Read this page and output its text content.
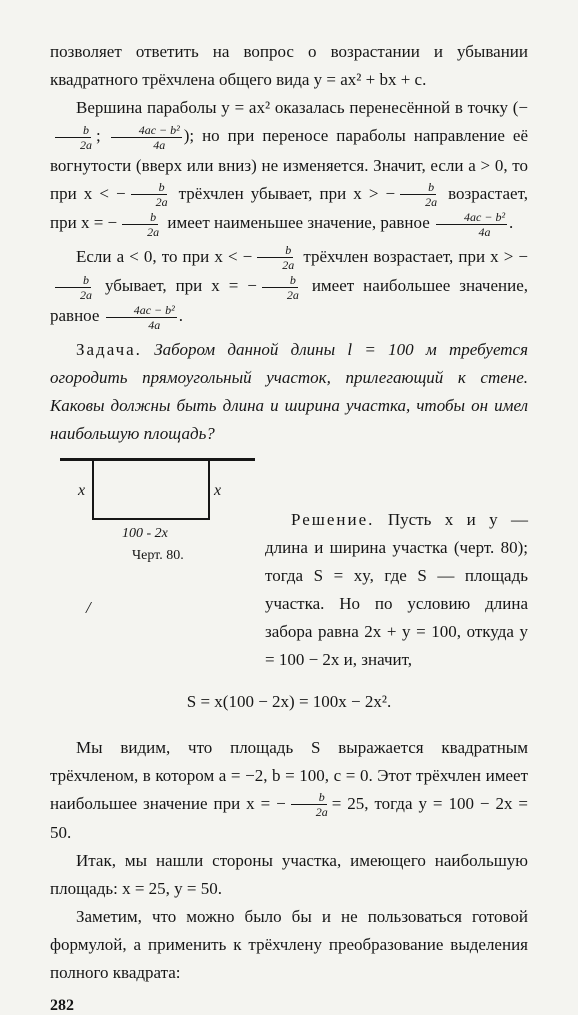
позволяет ответить на вопрос о возрастании и убывании квадратного трёхчлена общего вида y = ax² + bx + c.

Вершина параболы y = ax² оказалась перенесённой в точку (−
$\frac{b}{2a}$ ; $\frac{\text{4ac − b²}}{4a}$ ); но при переносе параболы направление её вогнутости (вверх или вниз) не изменяется. Значит, если a > 0, то при x < − $\frac{b}{2a}$ трёхчлен убывает, при x > − $\frac{b}{2a}$ возрастает, при x = − $\frac{b}{2a}$ имеет наименьшее значение, равное $\frac{\text{4ac − b²}}{4a}$ .

Если a < 0, то при x < − $\frac{b}{2a}$ трёхчлен возрастает, при x > −
$\frac{b}{2a}$ убывает, при x = − $\frac{b}{2a}$ имеет наибольшее значение, равное $\frac{\text{4ac − b²}}{4a}$ .

Задача. Забором данной длины l = 100 м требуется огородить прямоугольный участок, прилегающий к стене. Каковы должны быть длина и ширина участка, чтобы он имел наибольшую площадь?

x	x
100 - 2x
Черт. 80.
/

Решение. Пусть x и y — длина и ширина участка (черт. 80); тогда S = xy, где S — площадь участка. Но по условию длина забора равна 2x + y = 100, откуда y = 100 − 2x и, значит,

S = x(100 − 2x) = 100x − 2x².

Мы видим, что площадь S выражается квадратным трёхчленом, в котором a = −2, b = 100, c = 0. Этот трёхчлен имеет наибольшее значение при x = − $\frac{b}{2a} = 25$, тогда y = 100 − 2x = 50.

Итак, мы нашли стороны участка, имеющего наибольшую площадь: x = 25, y = 50.

Заметим, что можно было бы и не пользоваться готовой формулой, а применить к трёхчлену преобразование выделения полного квадрата:

282
